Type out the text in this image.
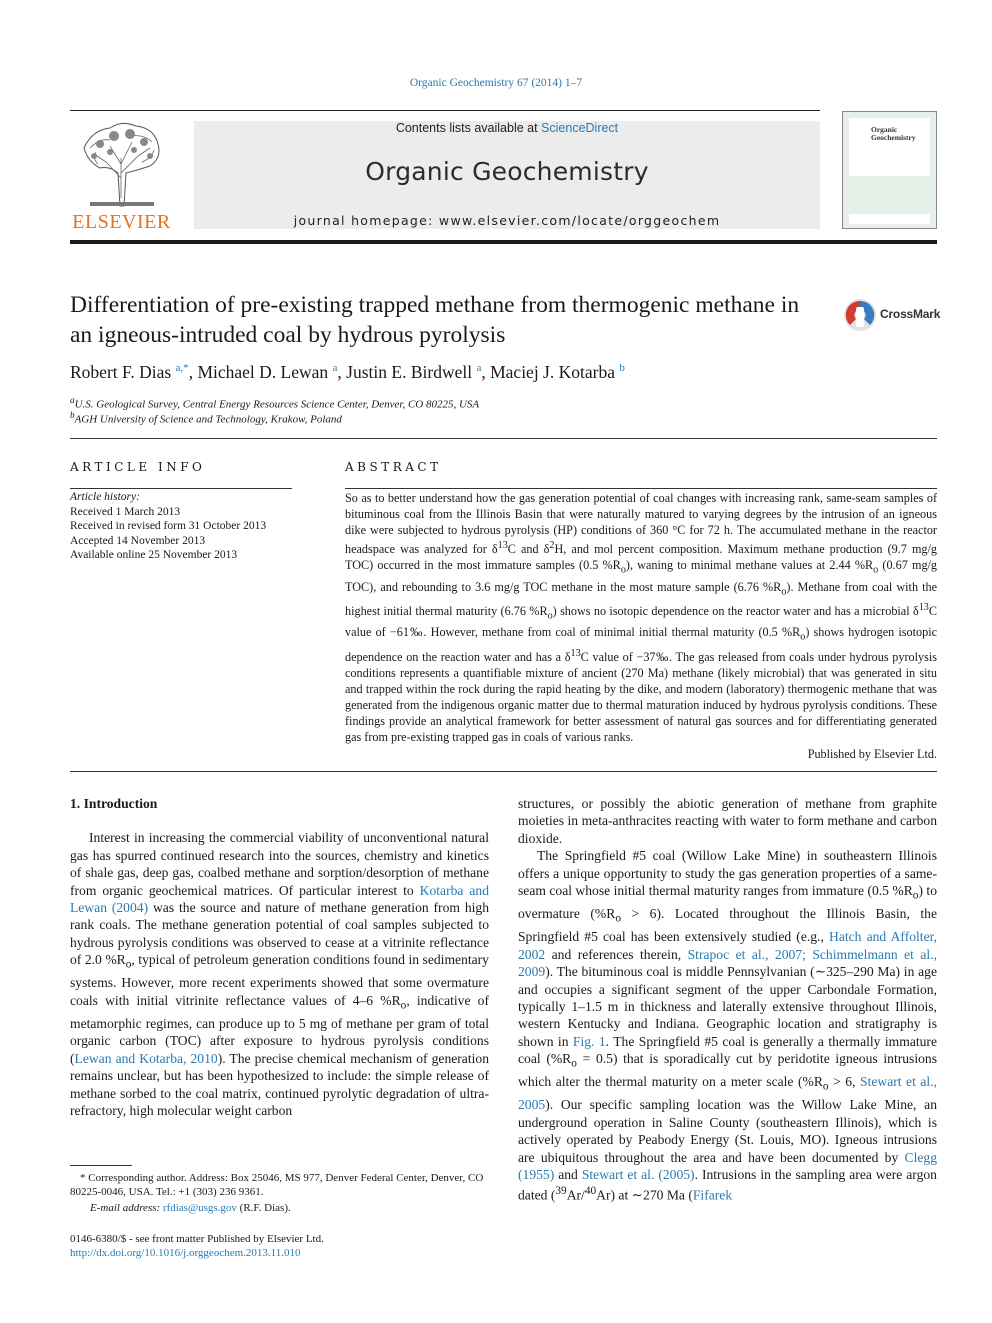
Organic Geochemistry 67 (2014) 1–7
ELSEVIER
Contents lists available at ScienceDirect
Organic Geochemistry
journal homepage: www.elsevier.com/locate/orggeochem
Organic
Geochemistry
Differentiation of pre-existing trapped methane from thermogenic methane in an igneous-intruded coal by hydrous pyrolysis
CrossMark
Robert F. Dias $^{a,*}$, Michael D. Lewan $^a$, Justin E. Birdwell $^a$, Maciej J. Kotarba $^b$
$^a$U.S. Geological Survey, Central Energy Resources Science Center, Denver, CO 80225, USA
$^b$AGH University of Science and Technology, Krakow, Poland
ARTICLE INFO
Article history:
Received 1 March 2013
Received in revised form 31 October 2013
Accepted 14 November 2013
Available online 25 November 2013
ABSTRACT
So as to better understand how the gas generation potential of coal changes with increasing rank, same-seam samples of bituminous coal from the Illinois Basin that were naturally matured to varying degrees by the intrusion of an igneous dike were subjected to hydrous pyrolysis (HP) conditions of 360 °C for 72 h. The accumulated methane in the reactor headspace was analyzed for $\delta^{13}C$ and $\delta^2H$, and mol percent composition. Maximum methane production (9.7 mg/g TOC) occurred in the most immature samples (0.5 $\%R_o$), waning to minimal methane values at 2.44 $\%R_o$ (0.67 mg/g TOC), and rebounding to 3.6 mg/g TOC methane in the most mature sample (6.76 $\%R_o$). Methane from coal with the highest initial thermal maturity (6.76 $\%R_o$) shows no isotopic dependence on the reactor water and has a microbial $\delta^{13}C$ value of −61‰. However, methane from coal of minimal initial thermal maturity (0.5 $\%R_o$) shows hydrogen isotopic dependence on the reaction water and has a $\delta^{13}C$ value of −37‰. The gas released from coals under hydrous pyrolysis conditions represents a quantifiable mixture of ancient (270 Ma) methane (likely microbial) that was generated in situ and trapped within the rock during the rapid heating by the dike, and modern (laboratory) thermogenic methane that was generated from the indigenous organic matter due to thermal maturation induced by hydrous pyrolysis conditions. These findings provide an analytical framework for better assessment of natural gas sources and for differentiating generated gas from pre-existing trapped gas in coals of various ranks.
Published by Elsevier Ltd.

1. Introduction

Interest in increasing the commercial viability of unconventional natural gas has spurred continued research into the sources, chemistry and kinetics of shale gas, deep gas, coalbed methane and sorption/desorption of methane from organic geochemical matrices. Of particular interest to Kotarba and Lewan (2004) was the source and nature of methane generation from high rank coals. The methane generation potential of coal samples subjected to hydrous pyrolysis conditions was observed to cease at a vitrinite reflectance of 2.0 $\%R_o$, typical of petroleum generation conditions found in sedimentary systems. However, more recent experiments showed that some overmature coals with initial vitrinite reflectance values of 4–6 $\%R_o$, indicative of metamorphic regimes, can produce up to 5 mg of methane per gram of total organic carbon (TOC) after exposure to hydrous pyrolysis conditions (Lewan and Kotarba, 2010). The precise chemical mechanism of generation remains unclear, but has been hypothesized to include: the simple release of methane sorbed to the coal matrix, continued pyrolytic degradation of ultra-refractory, high molecular weight carbon

structures, or possibly the abiotic generation of methane from graphite moieties in meta-anthracites reacting with water to form methane and carbon dioxide.

The Springfield #5 coal (Willow Lake Mine) in southeastern Illinois offers a unique opportunity to study the gas generation properties of a same-seam coal whose initial thermal maturity ranges from immature (0.5 $\%R_o$) to overmature $(\%R_o > 6)$. Located throughout the Illinois Basin, the Springfield #5 coal has been extensively studied (e.g., Hatch and Affolter, 2002 and references therein, Strapoc et al., 2007; Schimmelmann et al., 2009). The bituminous coal is middle Pennsylvanian (∼325–290 Ma) in age and occupies a significant segment of the upper Carbondale Formation, typically 1–1.5 m in thickness and laterally extensive throughout Illinois, western Kentucky and Indiana. Geographic location and stratigraphy is shown in Fig. 1. The Springfield #5 coal is generally a thermally immature coal $(\%R_o = 0.5)$ that is sporadically cut by peridotite igneous intrusions which alter the thermal maturity on a meter scale ($\%R_o > 6$, Stewart et al., 2005). Our specific sampling location was the Willow Lake Mine, an underground operation in Saline County (southeastern Illinois), which is actively operated by Peabody Energy (St. Louis, MO). Igneous intrusions are ubiquitous throughout the area and have been documented by Clegg (1955) and Stewart et al. (2005). Intrusions in the sampling area were argon dated ($^{39}$Ar/$^{40}$Ar) at ∼270 Ma (Fifarek

* Corresponding author. Address: Box 25046, MS 977, Denver Federal Center, Denver, CO 80225-0046, USA. Tel.: +1 (303) 236 9361.
E-mail address: rfdias@usgs.gov (R.F. Dias).
0146-6380/$ - see front matter Published by Elsevier Ltd.
http://dx.doi.org/10.1016/j.orggeochem.2013.11.010
